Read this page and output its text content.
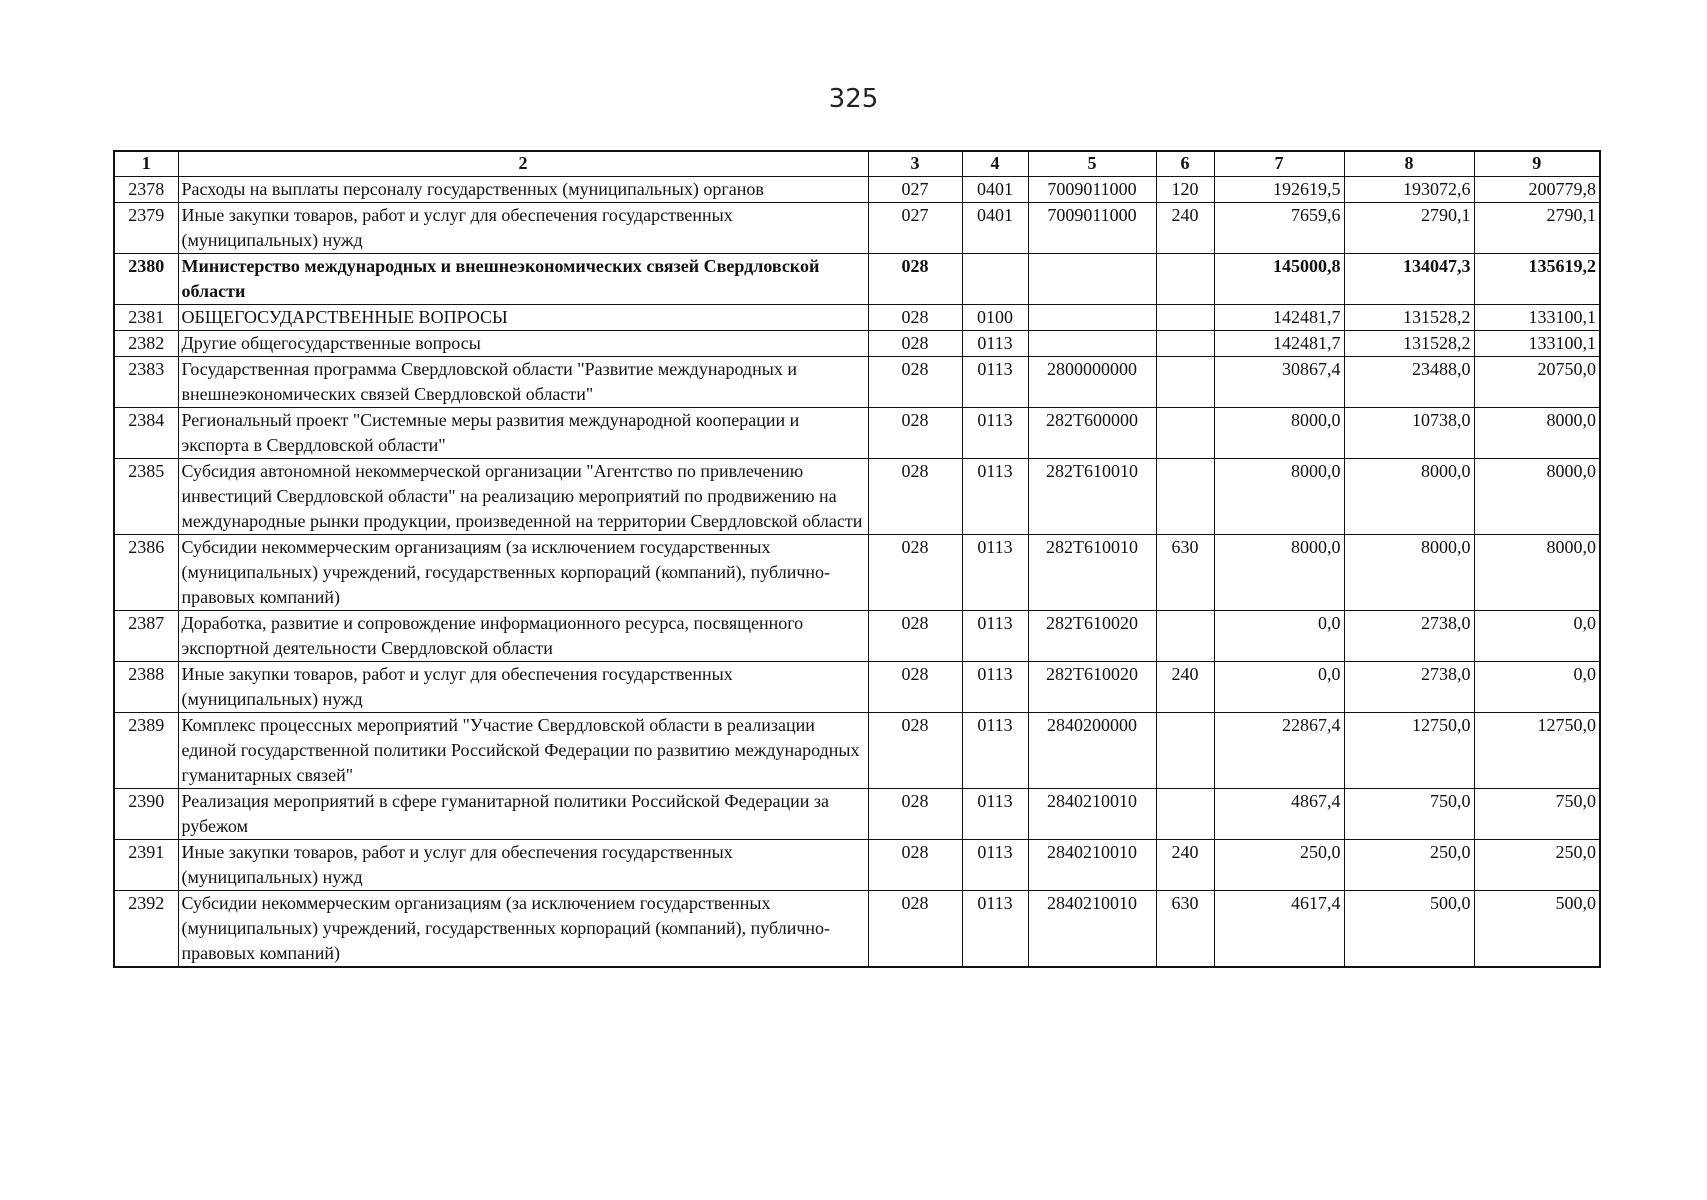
325
1	2	3	4	5	6	7	8	9
2378	Расходы на выплаты персоналу государственных (муниципальных) органов	027	0401	7009011000	120	192619,5	193072,6	200779,8
2379	Иные закупки товаров, работ и услуг для обеспечения государственных (муниципальных) нужд	027	0401	7009011000	240	7659,6	2790,1	2790,1
2380	Министерство международных и внешнеэкономических связей Свердловской области	028				145000,8	134047,3	135619,2
2381	ОБЩЕГОСУДАРСТВЕННЫЕ ВОПРОСЫ	028	0100			142481,7	131528,2	133100,1
2382	Другие общегосударственные вопросы	028	0113			142481,7	131528,2	133100,1
2383	Государственная программа Свердловской области "Развитие международных и внешнеэкономических связей Свердловской области"	028	0113	2800000000		30867,4	23488,0	20750,0
2384	Региональный проект "Системные меры развития международной кооперации и экспорта в Свердловской области"	028	0113	282T600000		8000,0	10738,0	8000,0
2385	Субсидия автономной некоммерческой организации "Агентство по привлечению инвестиций Свердловской области" на реализацию мероприятий по продвижению на международные рынки продукции, произведенной на территории Свердловской области	028	0113	282T610010		8000,0	8000,0	8000,0
2386	Субсидии некоммерческим организациям (за исключением государственных (муниципальных) учреждений, государственных корпораций (компаний), публично-правовых компаний)	028	0113	282T610010	630	8000,0	8000,0	8000,0
2387	Доработка, развитие и сопровождение информационного ресурса, посвященного экспортной деятельности Свердловской области	028	0113	282T610020		0,0	2738,0	0,0
2388	Иные закупки товаров, работ и услуг для обеспечения государственных (муниципальных) нужд	028	0113	282T610020	240	0,0	2738,0	0,0
2389	Комплекс процессных мероприятий "Участие Свердловской области в реализации единой государственной политики Российской Федерации по развитию международных гуманитарных связей"	028	0113	2840200000		22867,4	12750,0	12750,0
2390	Реализация мероприятий в сфере гуманитарной политики Российской Федерации за рубежом	028	0113	2840210010		4867,4	750,0	750,0
2391	Иные закупки товаров, работ и услуг для обеспечения государственных (муниципальных) нужд	028	0113	2840210010	240	250,0	250,0	250,0
2392	Субсидии некоммерческим организациям (за исключением государственных (муниципальных) учреждений, государственных корпораций (компаний), публично-правовых компаний)	028	0113	2840210010	630	4617,4	500,0	500,0
